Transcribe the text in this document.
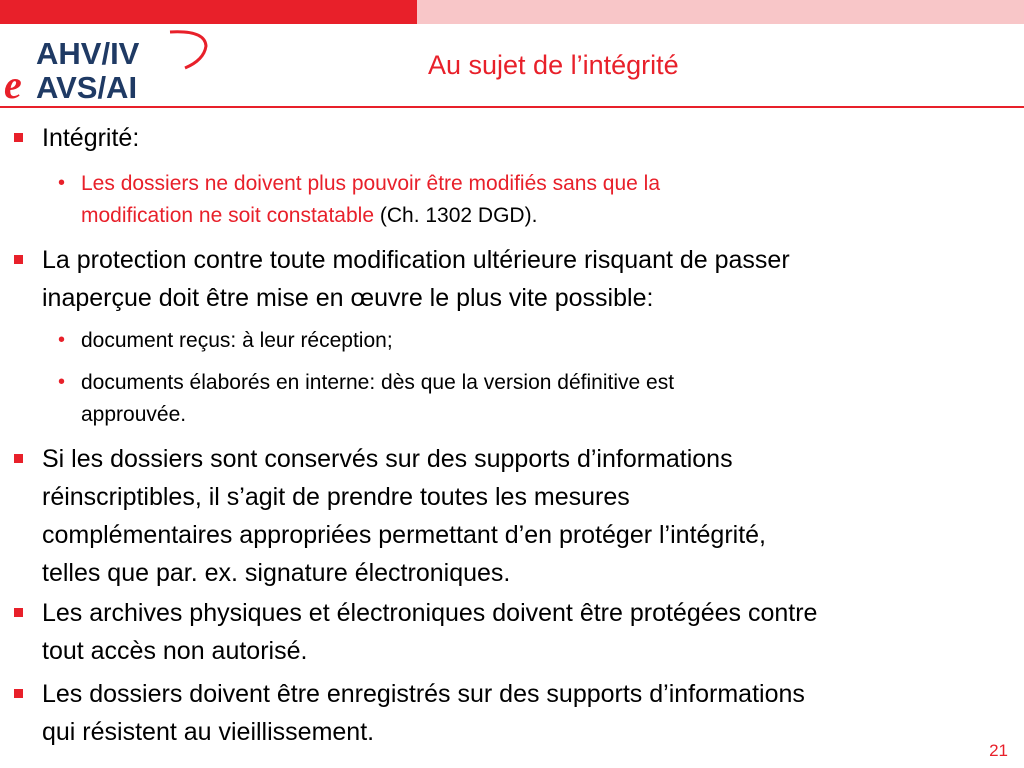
AHV/IV
AVS/AI
e	Au sujet de l’intégrité
Intégrité:
• Les dossiers ne doivent plus pouvoir être modifiés sans que la
modification ne soit constatable (Ch. 1302 DGD).
La protection contre toute modification ultérieure risquant de passer
inaperçue doit être mise en œuvre le plus vite possible:
• document reçus: à leur réception;
• documents élaborés en interne: dès que la version définitive est
approuvée.
Si les dossiers sont conservés sur des supports d’informations
réinscriptibles, il s’agit de prendre toutes les mesures
complémentaires appropriées permettant d’en protéger l’intégrité,
telles que par. ex. signature électroniques.
Les archives physiques et électroniques doivent être protégées contre
tout accès non autorisé.
Les dossiers doivent être enregistrés sur des supports d’informations
qui résistent au vieillissement.
21
